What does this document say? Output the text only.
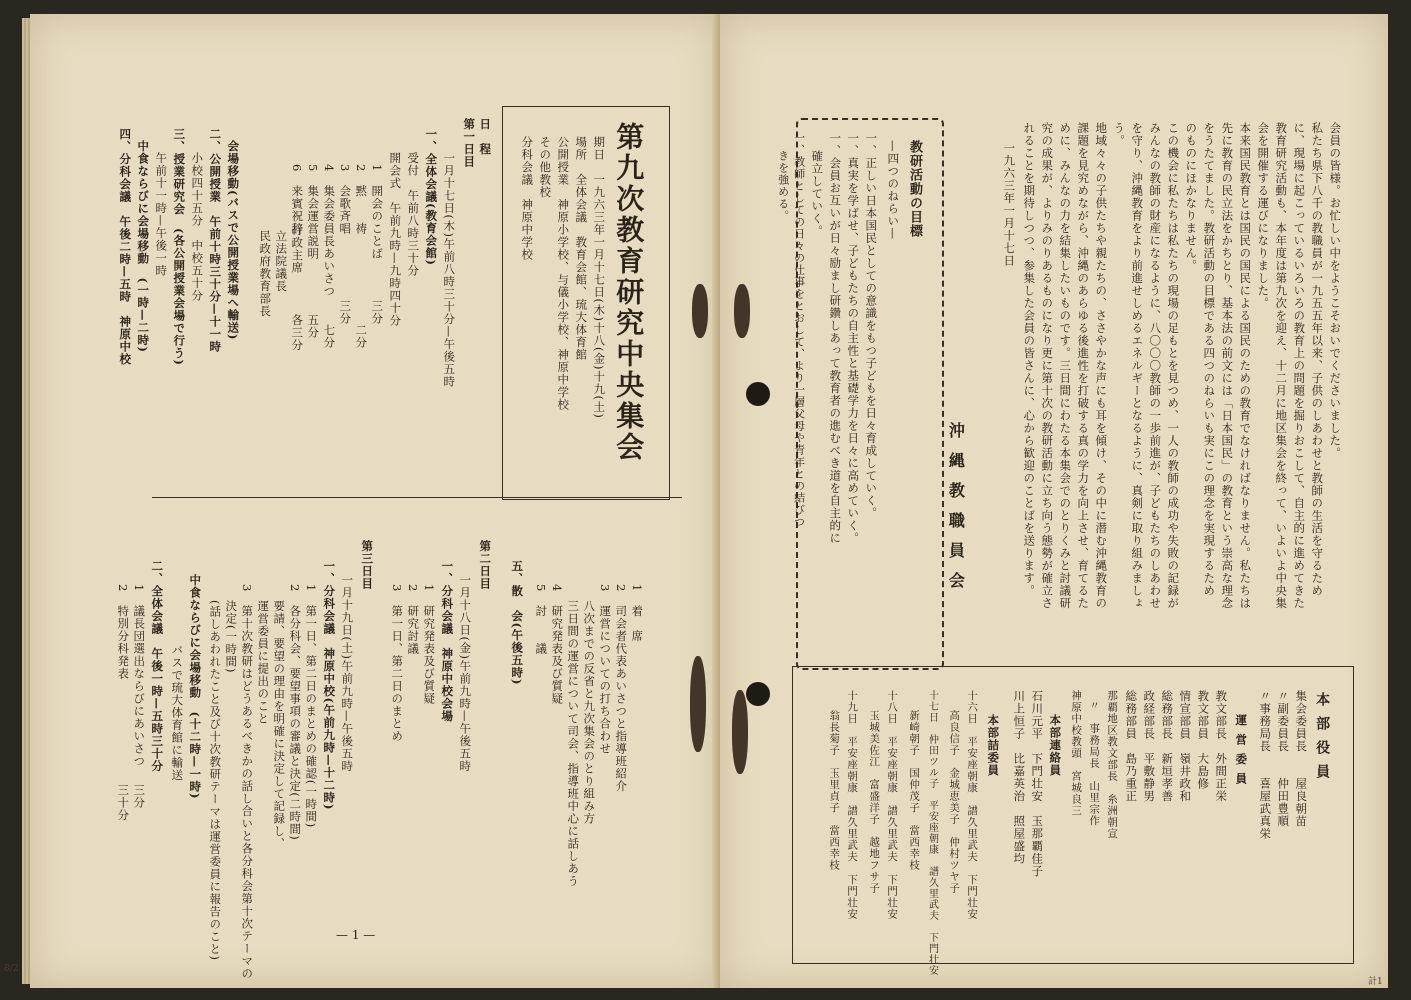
第九次教育研究中央集会
期日　一九六三年一月十七日(木)十八(金)十九(土)
場所　全体会議　教育会館、琉大体育館
公開授業　神原小学校、与儀小学校、神原中学校
その他教校
分科会議　神原中学校
日　程
第一日目
一月十七日(木)午前八時三十分—午後五時
一、全体会議(教育会館)
受付　午前八時三十分
開会式　午前九時—九時四十分
1　開会のことば
2　黙　　祷
3　会歌斉唱
4　集会委員長あいさつ
5　集会運営説明
6　来賓祝辞
行政主席
立法院議長
民政府教育部長	三分
二分
三分
七分
五分
各三分
会場移動(バスで公開授業場へ輸送)
二、公開授業　午前十時三十分—十一時
小校四十五分　中校五十分
三、授業研究会　(各公開授業会場で行う)
午前十一時—午後一時
中食ならびに会場移動　(一時—二時)
四、分科会議　午後二時—五時　神原中校
第二日目
1　着　席
2　司会者代表あいさつと指導班紹介
3　運営についての打ち合わせ
八次までの反省と九次集会のとり組み方
三日間の運営について司会、指導班中心に話しあう
4　研究発表及び質疑
5　討　　議
五、散　会(午後五時)
一月十八日(金)午前九時—午後五時
一、分科会議　神原中校会場
1　研究発表及び質疑
2　研究討議
3　第一日、第二日のまとめ
第三日目
一月十九日(土)午前九時—午後五時
一、分科会議　神原中校(午前九時—十二時)
1　第一日、第二日のまとめの確認(一時間)
2　各分科会、要望事項の審議と決定(二時間)
要請、要望の理由を明確に決定して記録し、
運営委員に提出のこと
3　第十次教研はどうあるべきかの話し合いと各分科会第十次テーマの
決定(一時間)
(話しあわれたこと及び十次教研テーマは運営委員に報告のこと)
中食ならびに会場移動　(十二時—一時)
バスで琉大体育館に輸送
二、全体会議　午後一時—五時三十分
1　議長団選出ならびにあいさつ
2　特別分科発表
三分
三十分
— 1 —
会員の皆様。お忙しい中をようこそおいでくださいました。
私たち県下八千の教職員が一九五五年以来、子供のしあわせと教師の生活を守るため
に、現場に起こっているいろいろの教育上の問題を掘りおこして、自主的に進めてきた
教育研究活動も、本年度は第九次を迎え、十二月に地区集会を終って、いよいよ中央集
会を開催する運びになりました。
本来国民教育とは国民の国民による国民のための教育でなければなりません。私たちは
先に教育の民立法をかちとり、基本法の前文には「日本国民」の教育という崇高な理念
をうたてました。教研活動の目標である四つのねらいも実にこの理念を実現するため
のものにほかなりません。
この機会に私たちは私たちの現場の足もとを見つめ、一人の教師の成功や失敗の記録が
みんなの教師の財産になるように、八〇〇〇教師の一歩前進が、子どもたちのしあわせ
を守り、沖縄教育をより前進せしめるエネルギーとなるように、真剣に取り組みましょ
う。
地域々々の子供たちや親たちの、ささやかな声にも耳を傾け、その中に潜む沖縄教育の
課題を見究めながら、沖縄のあらゆる後進性を打破する真の学力を向上させ、育てるた
めに、みんなの力を結集したいものです。三日間にわたる本集会でのとりくみと討議研
究の成果が、よりみのりあるものになり更に第十次の教研活動に立ち向う態勢が確立さ
れることを期待しつつ、参集した会員の皆さんに、心から歓迎のことばを送ります。
一九六三年一月十七日
沖縄教職員会
教研活動の目標
—四つのねらい—
一、正しい日本国民としての意識をもつ子どもを日々育成していく。
一、真実を学ばせ、子どもたちの自主性と基礎学力を日々に高めていく。
一、会員お互いが日々励まし研鑽しあって教育者の進むべき道を自主的に
確立していく。
一、教師としての日々の仕事をとおして、より一層父母や青年との結びつ
きを強める。
本部役員
集会委員長　　屋良朝苗
〃副委員長　　仲田豊順
〃事務局長　　喜屋武真栄
運営委員
教文部長　外間正栄
教文部員　大島修
情宣部員　嶺井政和
総務部長　新垣孝善
政経部長　平敷静男
総務部員　島乃重正
那覇地区教文部長　糸洲朝宣
〃　事務局長　山里宗作
神原中校教頭　宮城良三
本部連絡員
石川元平　下門壮安　玉那覇佳子
川上恒子　比嘉英治　照屋盛均
本部詰委員
十六日　平安座朝康　譜久里武夫　下門壮安
高良信子　金城恵美子　仲村ツヤ子
十七日　仲田ツル子　平安座朝康　譜久里武夫　下門壮安
新崎朝子　国仲茂子　當西幸枝
十八日　平安座朝康　譜久里武夫　下門壮安
玉城美佐江　富盛洋子　越地フサ子
十九日　平安座朝康　譜久里武夫　下門壮安
翁長菊子　玉里貞子　當西幸枝
計1
8/2
